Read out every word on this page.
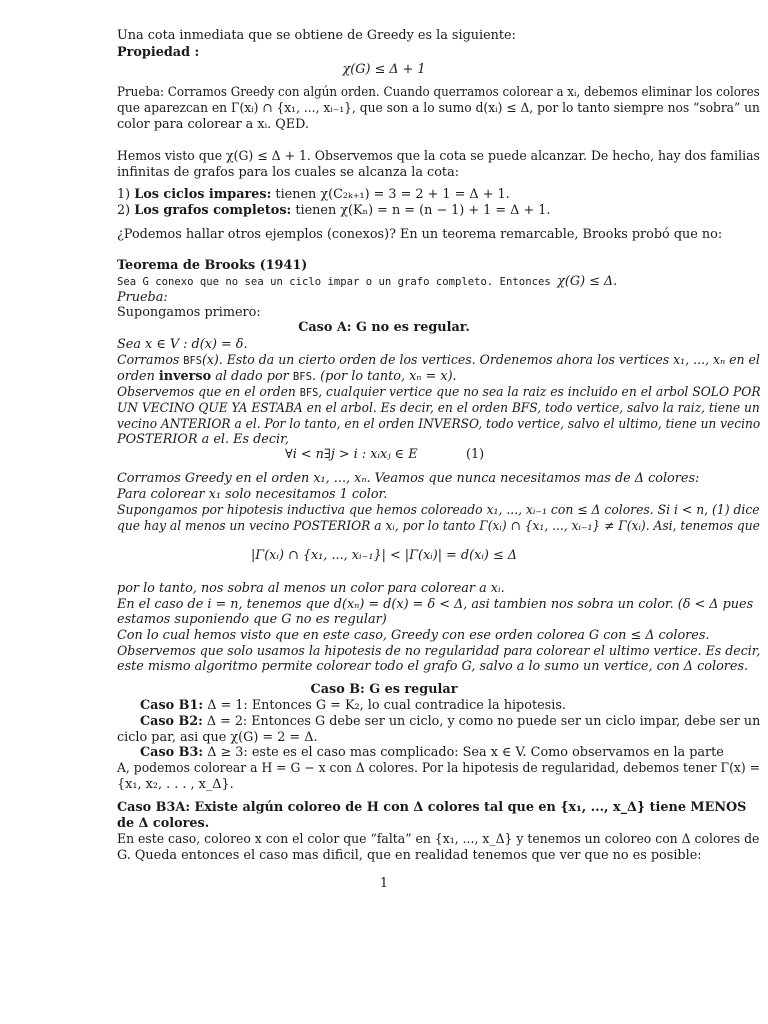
Una cota inmediata que se obtiene de Greedy es la siguiente:
Propiedad :
χ(G) ≤ Δ + 1
Prueba: Corramos Greedy con algún orden. Cuando querramos colorear a xᵢ, debemos eliminar los colores
que aparezcan en Γ(xᵢ) ∩ {x₁, ..., xᵢ₋₁}, que son a lo sumo d(xᵢ) ≤ Δ, por lo tanto siempre nos “sobra” un
color para colorear a xᵢ. QED.
Hemos visto que χ(G) ≤ Δ + 1. Observemos que la cota se puede alcanzar. De hecho, hay dos familias
infinitas de grafos para los cuales se alcanza la cota:
1) Los ciclos impares: tienen χ(C₂ₖ₊₁) = 3 = 2 + 1 = Δ + 1.
2) Los grafos completos: tienen χ(Kₙ) = n = (n − 1) + 1 = Δ + 1.
¿Podemos hallar otros ejemplos (conexos)? En un teorema remarcable, Brooks probó que no:
Teorema de Brooks (1941)
Sea G conexo que no sea un ciclo impar o un grafo completo. Entonces χ(G) ≤ Δ.
Prueba:
Supongamos primero:
Caso A: G no es regular.
Sea x ∈ V : d(x) = δ.
Corramos BFS(x). Esto da un cierto orden de los vertices. Ordenemos ahora los vertices x₁, ..., xₙ en el
orden inverso al dado por BFS. (por lo tanto, xₙ = x).
Observemos que en el orden BFS, cualquier vertice que no sea la raiz es incluido en el arbol SOLO POR
UN VECINO QUE YA ESTABA en el arbol. Es decir, en el orden BFS, todo vertice, salvo la raiz, tiene un
vecino ANTERIOR a el. Por lo tanto, en el orden INVERSO, todo vertice, salvo el ultimo, tiene un vecino
POSTERIOR a el. Es decir,
∀i < n∃j > i : xᵢxⱼ ∈ E	(1)
Corramos Greedy en el orden x₁, ..., xₙ. Veamos que nunca necesitamos mas de Δ colores:
Para colorear x₁ solo necesitamos 1 color.
Supongamos por hipotesis inductiva que hemos coloreado x₁, ..., xᵢ₋₁ con ≤ Δ colores. Si i < n, (1) dice
que hay al menos un vecino POSTERIOR a xᵢ, por lo tanto Γ(xᵢ) ∩ {x₁, ..., xᵢ₋₁} ≠ Γ(xᵢ). Asi, tenemos que
|Γ(xᵢ) ∩ {x₁, ..., xᵢ₋₁}| < |Γ(xᵢ)| = d(xᵢ) ≤ Δ
por lo tanto, nos sobra al menos un color para colorear a xᵢ.
En el caso de i = n, tenemos que d(xₙ) = d(x) = δ < Δ, asi tambien nos sobra un color. (δ < Δ pues
estamos suponiendo que G no es regular)
Con lo cual hemos visto que en este caso, Greedy con ese orden colorea G con ≤ Δ colores.
Observemos que solo usamos la hipotesis de no regularidad para colorear el ultimo vertice. Es decir,
este mismo algoritmo permite colorear todo el grafo G, salvo a lo sumo un vertice, con Δ colores.
Caso B: G es regular
Caso B1: Δ = 1: Entonces G = K₂, lo cual contradice la hipotesis.
Caso B2: Δ = 2: Entonces G debe ser un ciclo, y como no puede ser un ciclo impar, debe ser un
ciclo par, asi que χ(G) = 2 = Δ.
Caso B3: Δ ≥ 3: este es el caso mas complicado: Sea x ∈ V. Como observamos en la parte
A, podemos colorear a H = G − x con Δ colores. Por la hipotesis de regularidad, debemos tener Γ(x) =
{x₁, x₂, . . . , x_Δ}.
Caso B3A: Existe algún coloreo de H con Δ colores tal que en {x₁, ..., x_Δ} tiene MENOS
de Δ colores.
En este caso, coloreo x con el color que “falta” en {x₁, ..., x_Δ} y tenemos un coloreo con Δ colores de
G. Queda entonces el caso mas dificil, que en realidad tenemos que ver que no es posible:
1
